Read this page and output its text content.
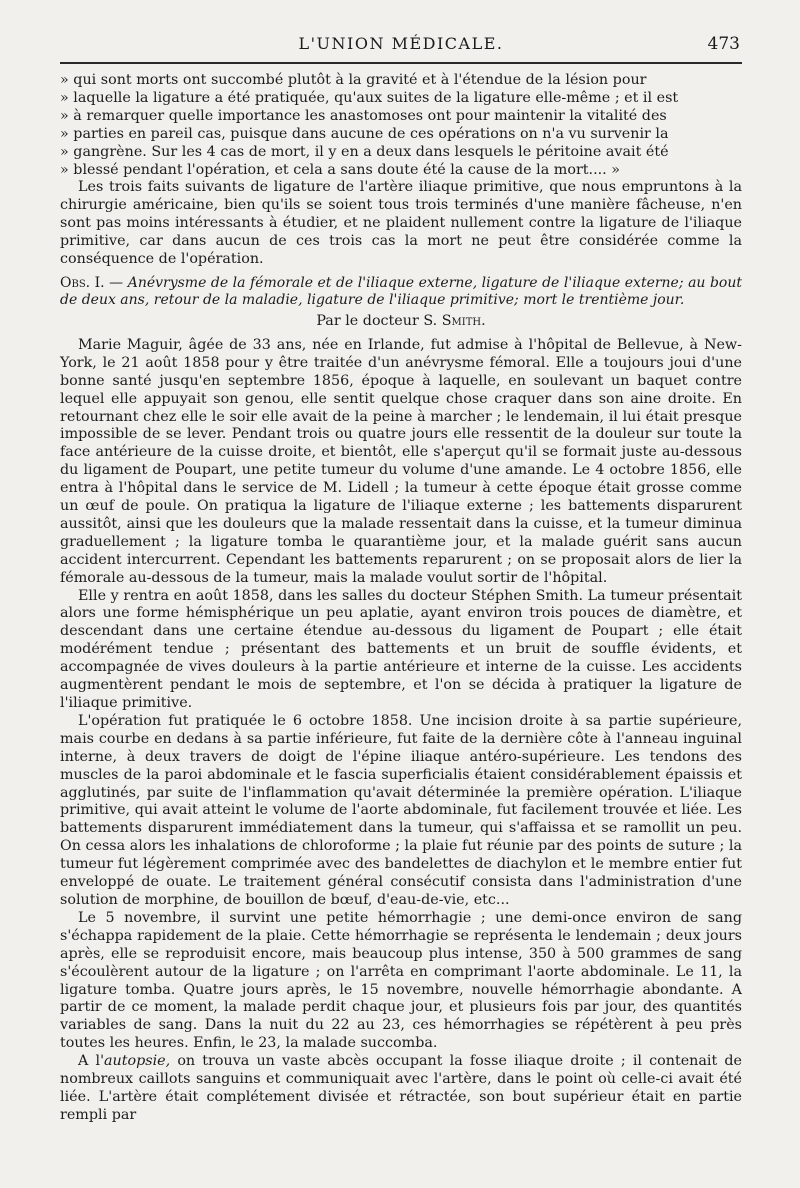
L'UNION MÉDICALE.	473

» qui sont morts ont succombé plutôt à la gravité et à l'étendue de la lésion pour

» laquelle la ligature a été pratiquée, qu'aux suites de la ligature elle-même ; et il est

» à remarquer quelle importance les anastomoses ont pour maintenir la vitalité des

» parties en pareil cas, puisque dans aucune de ces opérations on n'a vu survenir la

» gangrène. Sur les 4 cas de mort, il y en a deux dans lesquels le péritoine avait été

» blessé pendant l'opération, et cela a sans doute été la cause de la mort.... »

Les trois faits suivants de ligature de l'artère iliaque primitive, que nous empruntons à la chirurgie américaine, bien qu'ils se soient tous trois terminés d'une manière fâcheuse, n'en sont pas moins intéressants à étudier, et ne plaident nullement contre la ligature de l'iliaque primitive, car dans aucun de ces trois cas la mort ne peut être considérée comme la conséquence de l'opération.

Obs. I. — Anévrysme de la fémorale et de l'iliaque externe, ligature de l'iliaque externe; au bout de deux ans, retour de la maladie, ligature de l'iliaque primitive; mort le trentième jour.
Par le docteur S. Smith.

Marie Maguir, âgée de 33 ans, née en Irlande, fut admise à l'hôpital de Bellevue, à New-York, le 21 août 1858 pour y être traitée d'un anévrysme fémoral. Elle a toujours joui d'une bonne santé jusqu'en septembre 1856, époque à laquelle, en soulevant un baquet contre lequel elle appuyait son genou, elle sentit quelque chose craquer dans son aine droite. En retournant chez elle le soir elle avait de la peine à marcher ; le lendemain, il lui était presque impossible de se lever. Pendant trois ou quatre jours elle ressentit de la douleur sur toute la face antérieure de la cuisse droite, et bientôt, elle s'aperçut qu'il se formait juste au-dessous du ligament de Poupart, une petite tumeur du volume d'une amande. Le 4 octobre 1856, elle entra à l'hôpital dans le service de M. Lidell ; la tumeur à cette époque était grosse comme un œuf de poule. On pratiqua la ligature de l'iliaque externe ; les battements disparurent aussitôt, ainsi que les douleurs que la malade ressentait dans la cuisse, et la tumeur diminua graduellement ; la ligature tomba le quarantième jour, et la malade guérit sans aucun accident intercurrent. Cependant les battements reparurent ; on se proposait alors de lier la fémorale au-dessous de la tumeur, mais la malade voulut sortir de l'hôpital.

Elle y rentra en août 1858, dans les salles du docteur Stéphen Smith. La tumeur présentait alors une forme hémisphérique un peu aplatie, ayant environ trois pouces de diamètre, et descendant dans une certaine étendue au-dessous du ligament de Poupart ; elle était modérément tendue ; présentant des battements et un bruit de souffle évidents, et accompagnée de vives douleurs à la partie antérieure et interne de la cuisse. Les accidents augmentèrent pendant le mois de septembre, et l'on se décida à pratiquer la ligature de l'iliaque primitive.

L'opération fut pratiquée le 6 octobre 1858. Une incision droite à sa partie supérieure, mais courbe en dedans à sa partie inférieure, fut faite de la dernière côte à l'anneau inguinal interne, à deux travers de doigt de l'épine iliaque antéro-supérieure. Les tendons des muscles de la paroi abdominale et le fascia superficialis étaient considérablement épaissis et agglutinés, par suite de l'inflammation qu'avait déterminée la première opération. L'iliaque primitive, qui avait atteint le volume de l'aorte abdominale, fut facilement trouvée et liée. Les battements disparurent immédiatement dans la tumeur, qui s'affaissa et se ramollit un peu. On cessa alors les inhalations de chloroforme ; la plaie fut réunie par des points de suture ; la tumeur fut légèrement comprimée avec des bandelettes de diachylon et le membre entier fut enveloppé de ouate. Le traitement général consécutif consista dans l'administration d'une solution de morphine, de bouillon de bœuf, d'eau-de-vie, etc...

Le 5 novembre, il survint une petite hémorrhagie ; une demi-once environ de sang s'échappa rapidement de la plaie. Cette hémorrhagie se représenta le lendemain ; deux jours après, elle se reproduisit encore, mais beaucoup plus intense, 350 à 500 grammes de sang s'écoulèrent autour de la ligature ; on l'arrêta en comprimant l'aorte abdominale. Le 11, la ligature tomba. Quatre jours après, le 15 novembre, nouvelle hémorrhagie abondante. A partir de ce moment, la malade perdit chaque jour, et plusieurs fois par jour, des quantités variables de sang. Dans la nuit du 22 au 23, ces hémorrhagies se répétèrent à peu près toutes les heures. Enfin, le 23, la malade succomba.

A l'autopsie, on trouva un vaste abcès occupant la fosse iliaque droite ; il contenait de nombreux caillots sanguins et communiquait avec l'artère, dans le point où celle-ci avait été liée. L'artère était complétement divisée et rétractée, son bout supérieur était en partie rempli par
